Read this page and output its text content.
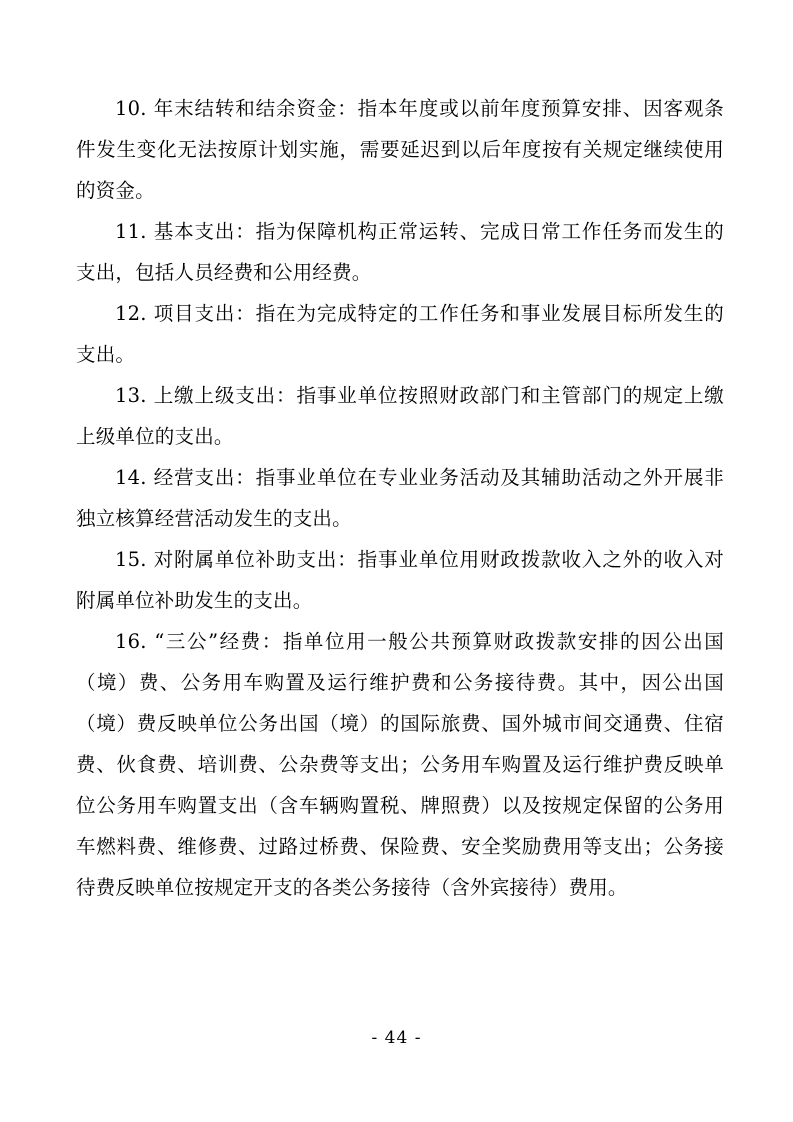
10. 年末结转和结余资金：指本年度或以前年度预算安排、因客观条件发生变化无法按原计划实施，需要延迟到以后年度按有关规定继续使用的资金。

11. 基本支出：指为保障机构正常运转、完成日常工作任务而发生的支出，包括人员经费和公用经费。

12. 项目支出：指在为完成特定的工作任务和事业发展目标所发生的支出。

13. 上缴上级支出：指事业单位按照财政部门和主管部门的规定上缴上级单位的支出。

14. 经营支出：指事业单位在专业业务活动及其辅助活动之外开展非独立核算经营活动发生的支出。

15. 对附属单位补助支出：指事业单位用财政拨款收入之外的收入对附属单位补助发生的支出。

16. “三公”经费：指单位用一般公共预算财政拨款安排的因公出国（境）费、公务用车购置及运行维护费和公务接待费。其中，因公出国（境）费反映单位公务出国（境）的国际旅费、国外城市间交通费、住宿费、伙食费、培训费、公杂费等支出；公务用车购置及运行维护费反映单位公务用车购置支出（含车辆购置税、牌照费）以及按规定保留的公务用车燃料费、维修费、过路过桥费、保险费、安全奖励费用等支出；公务接待费反映单位按规定开支的各类公务接待（含外宾接待）费用。

- 44 -
